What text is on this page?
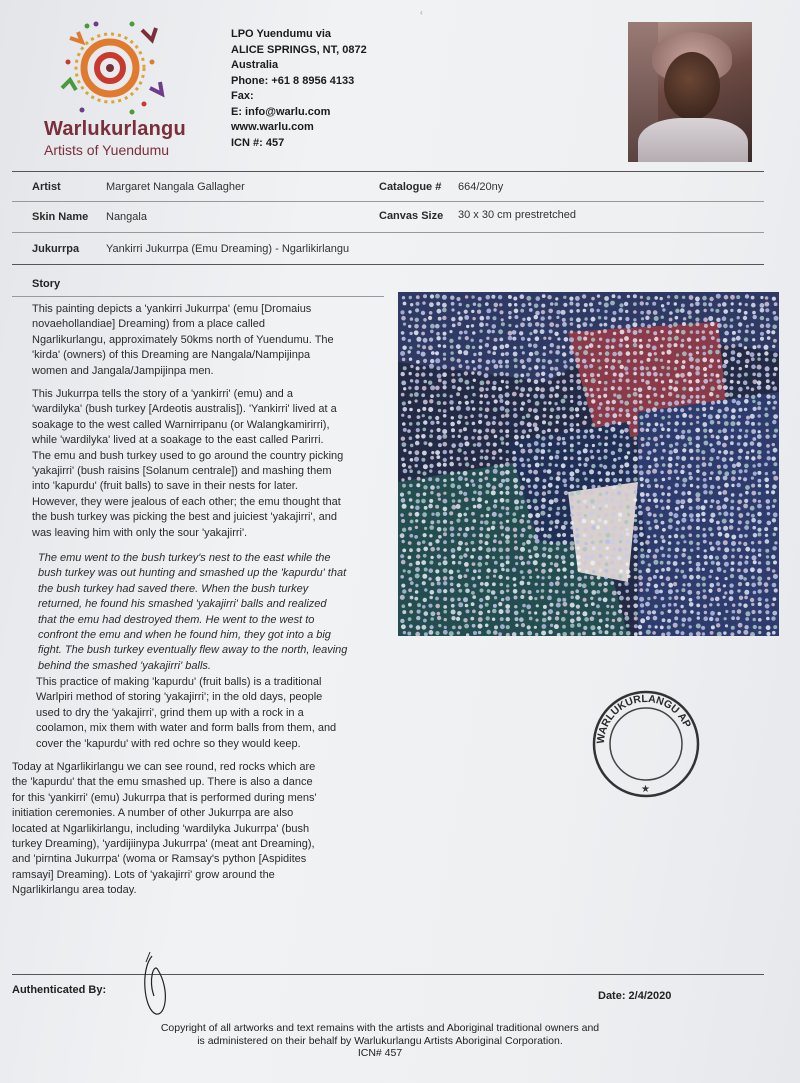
‹
Warlukurlangu
Artists of Yuendumu
LPO Yuendumu via
ALICE SPRINGS, NT, 0872
Australia
Phone: +61 8 8956 4133
Fax:
E: info@warlu.com
www.warlu.com
ICN #: 457
Artist	Margaret Nangala Gallagher	Catalogue # 664/20ny
Skin Name Nangala	Canvas Size 30 x 30 cm prestretched
Jukurrpa Yankirri Jukurrpa (Emu Dreaming) - Ngarlikirlangu
Story
This painting depicts a 'yankirri Jukurrpa' (emu [Dromaius
novaehollandiae] Dreaming) from a place called
Ngarlikurlangu, approximately 50kms north of Yuendumu. The
'kirda' (owners) of this Dreaming are Nangala/Nampijinpa
women and Jangala/Jampijinpa men.
This Jukurrpa tells the story of a 'yankirri' (emu) and a
'wardilyka' (bush turkey [Ardeotis australis]). 'Yankirri' lived at a
soakage to the west called Warnirripanu (or Walangkamirirri),
while 'wardilyka' lived at a soakage to the east called Parirri.
The emu and bush turkey used to go around the country picking
'yakajirri' (bush raisins [Solanum centrale]) and mashing them
into 'kapurdu' (fruit balls) to save in their nests for later.
However, they were jealous of each other; the emu thought that
the bush turkey was picking the best and juiciest 'yakajirri', and
was leaving him with only the sour 'yakajirri'.
The emu went to the bush turkey's nest to the east while the
bush turkey was out hunting and smashed up the 'kapurdu' that
the bush turkey had saved there. When the bush turkey
returned, he found his smashed 'yakajirri' balls and realized
that the emu had destroyed them. He went to the west to
confront the emu and when he found him, they got into a big
fight. The bush turkey eventually flew away to the north, leaving
behind the smashed 'yakajirri' balls.
This practice of making 'kapurdu' (fruit balls) is a traditional
Warlpiri method of storing 'yakajirri'; in the old days, people
used to dry the 'yakajirri', grind them up with a rock in a
coolamon, mix them with water and form balls from them, and
cover the 'kapurdu' with red ochre so they would keep.
Today at Ngarlikirlangu we can see round, red rocks which are
the 'kapurdu' that the emu smashed up. There is also a dance
for this 'yankirri' (emu) Jukurrpa that is performed during mens'
initiation ceremonies. A number of other Jukurrpa are also
located at Ngarlikirlangu, including 'wardilyka Jukurrpa' (bush
turkey Dreaming), 'yardijiinypa Jukurrpa' (meat ant Dreaming),
and 'pirntina Jukurrpa' (woma or Ramsay's python [Aspidites
ramsayi] Dreaming). Lots of 'yakajirri' grow around the
Ngarlikirlangu area today.
WARLUKURLANGU AP
★
Authenticated By:	Date: 2/4/2020
Copyright of all artworks and text remains with the artists and Aboriginal traditional owners and
is administered on their behalf by Warlukurlangu Artists Aboriginal Corporation.
ICN# 457
